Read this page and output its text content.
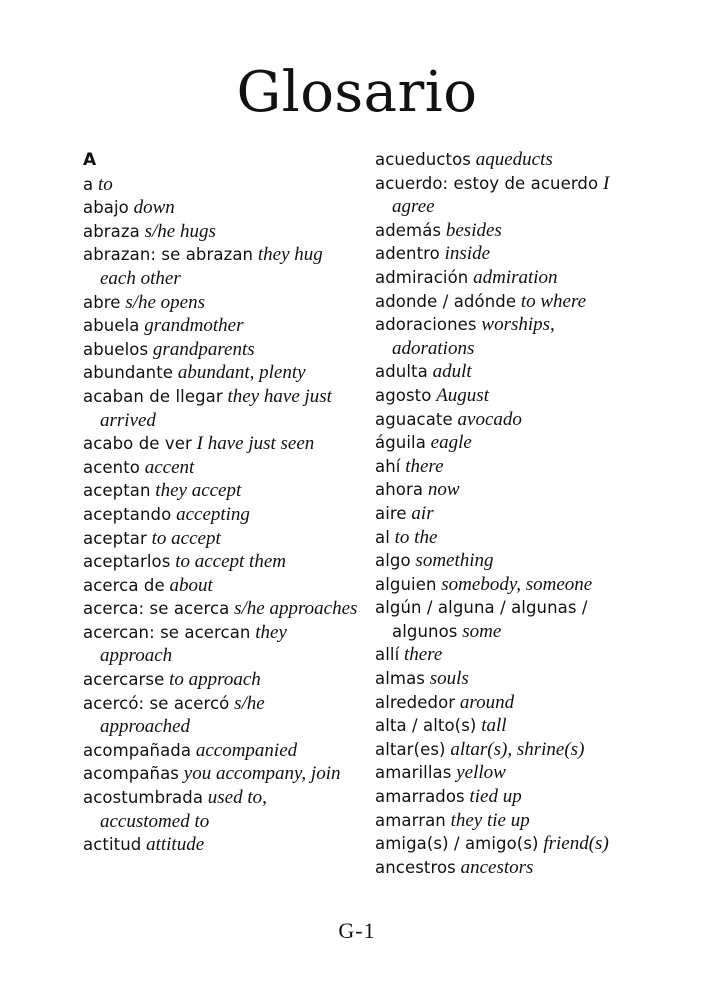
Glosario
A
a to
abajo down
abraza s/he hugs
abrazan: se abrazan they hug each other
abre s/he opens
abuela grandmother
abuelos grandparents
abundante abundant, plenty
acaban de llegar they have just arrived
acabo de ver I have just seen
acento accent
aceptan they accept
aceptando accepting
aceptar to accept
aceptarlos to accept them
acerca de about
acerca: se acerca s/he approaches
acercan: se acercan they approach
acercarse to approach
acercó: se acercó s/he approached
acompañada accompanied
acompañas you accompany, join
acostumbrada used to, accustomed to
actitud attitude
acueductos aqueducts
acuerdo: estoy de acuerdo I agree
además besides
adentro inside
admiración admiration
adonde / adónde to where
adoraciones worships, adorations
adulta adult
agosto August
aguacate avocado
águila eagle
ahí there
ahora now
aire air
al to the
algo something
alguien somebody, someone
algún / alguna / algunas / algunos some
allí there
almas souls
alrededor around
alta / alto(s) tall
altar(es) altar(s), shrine(s)
amarillas yellow
amarrados tied up
amarran they tie up
amiga(s) / amigo(s) friend(s)
ancestros ancestors
G-1
